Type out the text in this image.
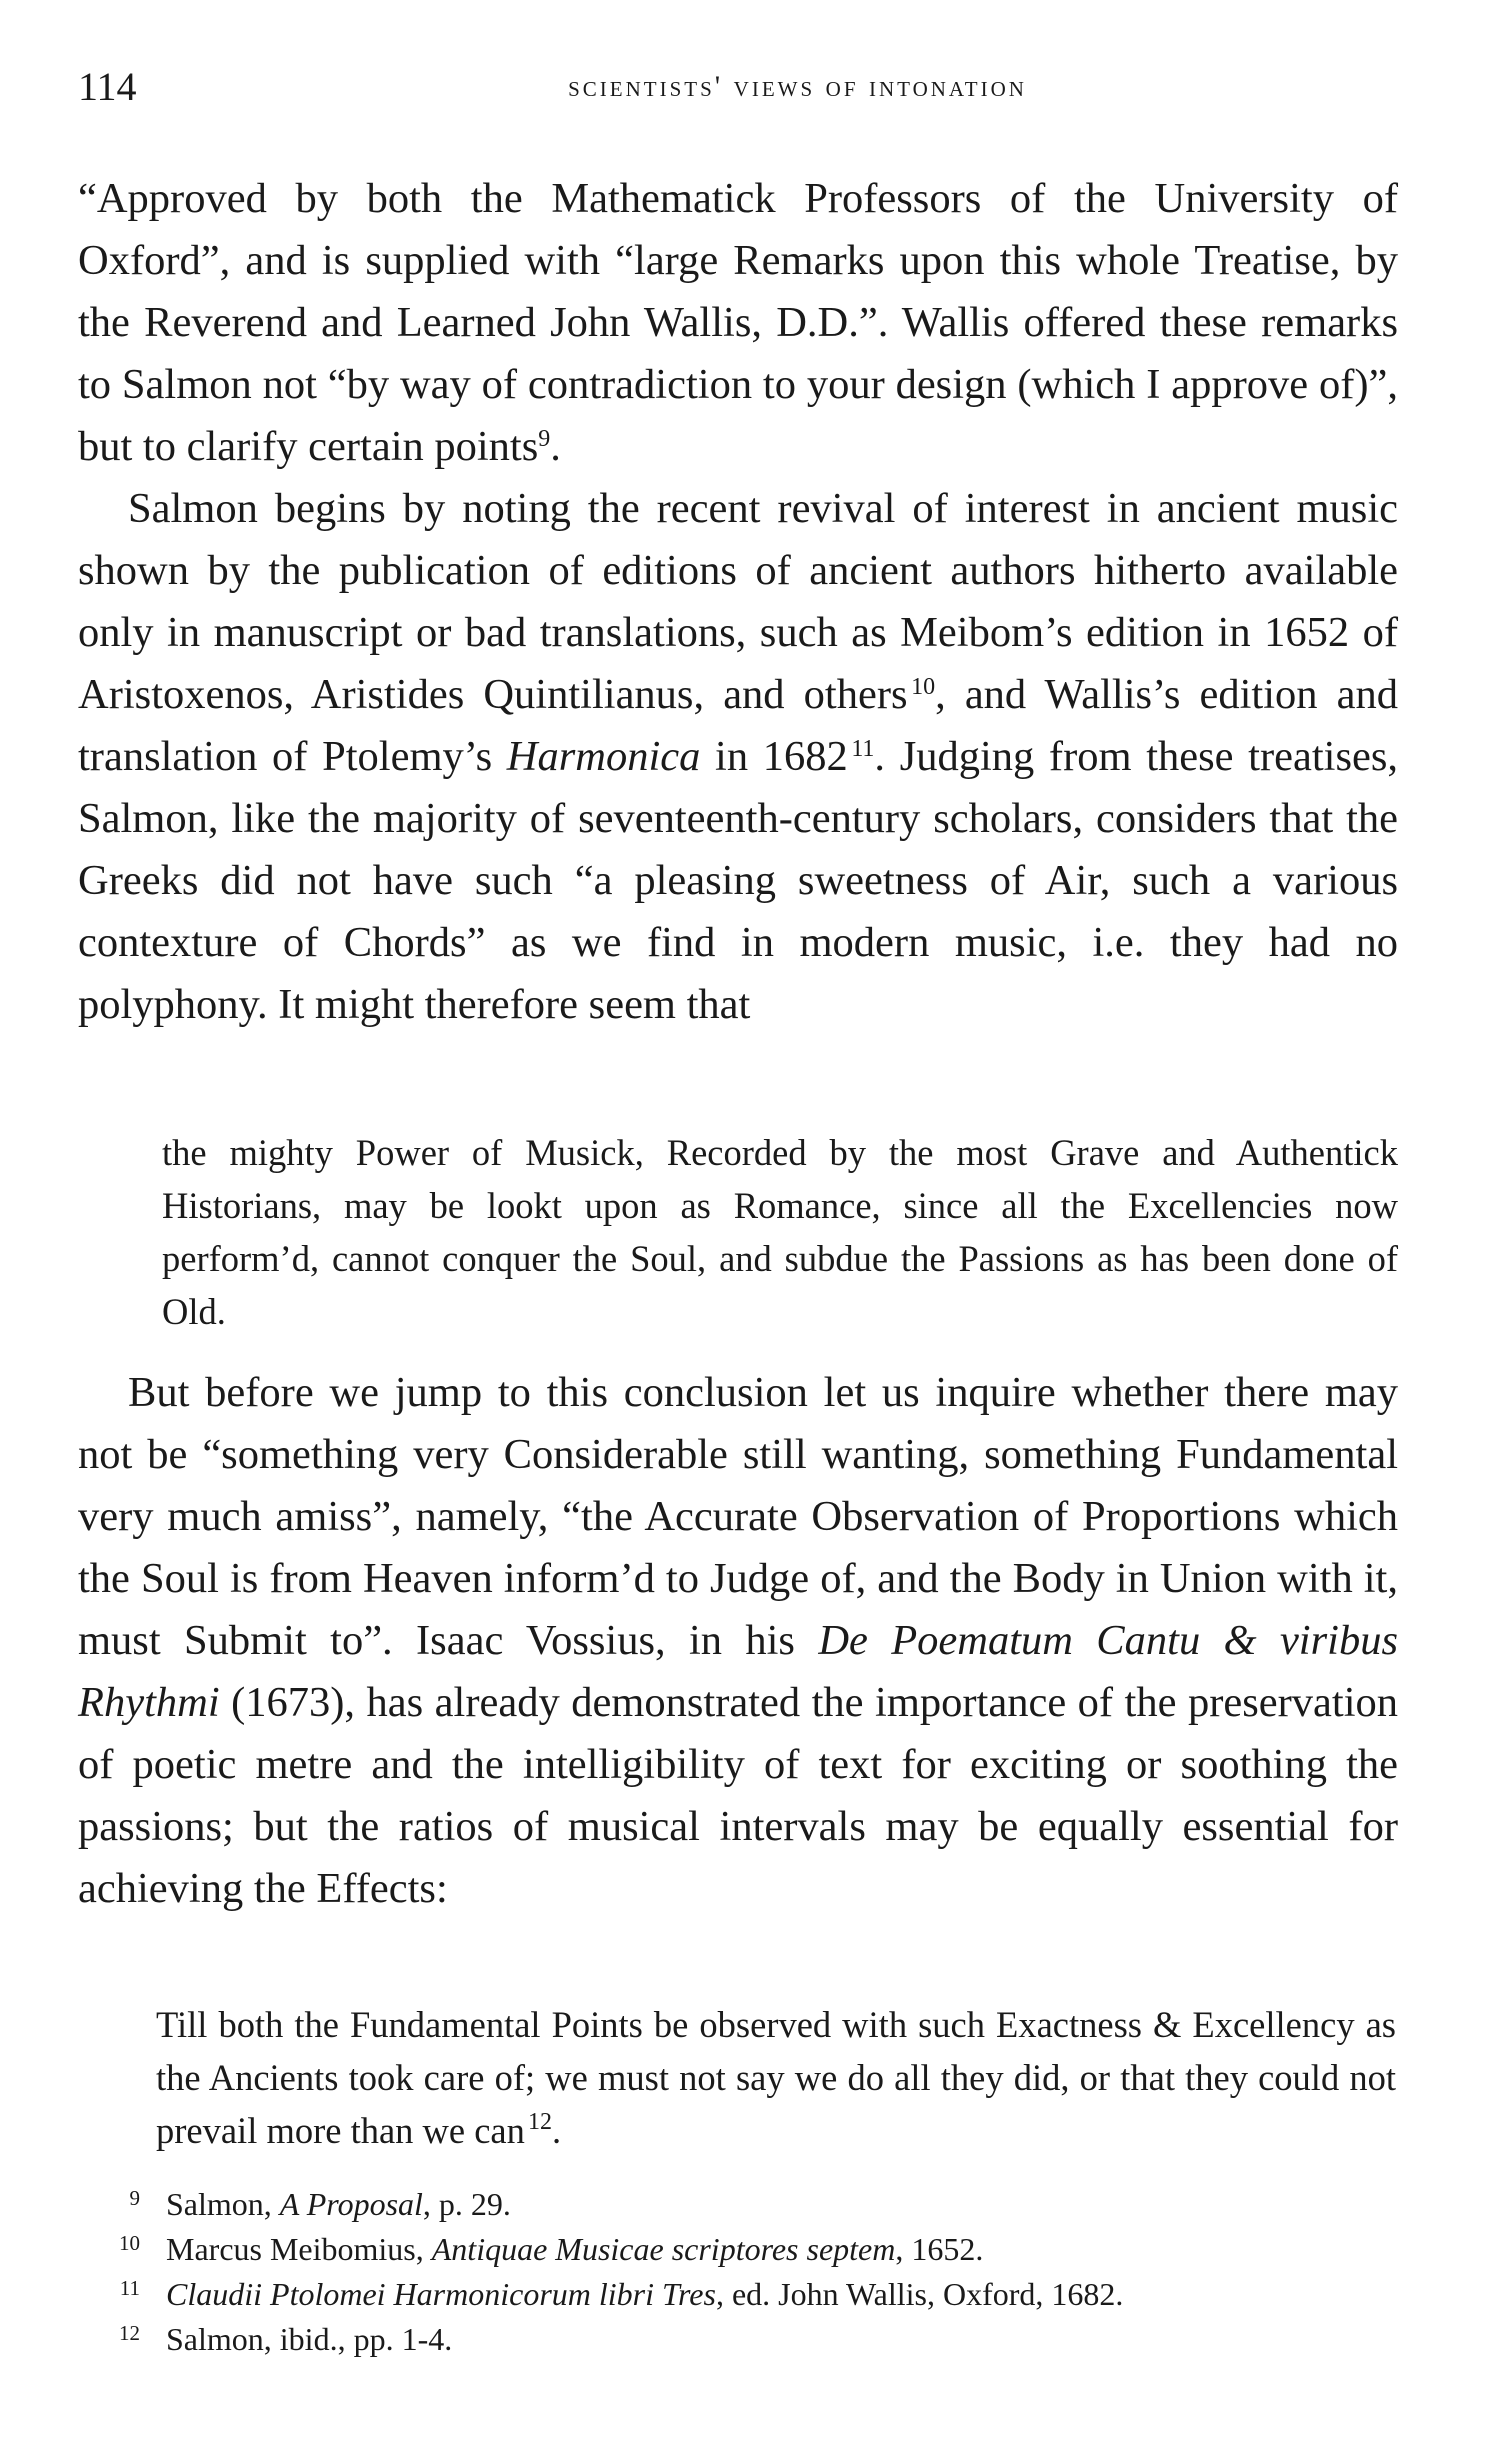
114	scientists' views of intonation

“Approved by both the Mathematick Professors of the University of Oxford”, and is supplied with “large Remarks upon this whole Treatise, by the Reverend and Learned John Wallis, D.D.”. Wallis offered these remarks to Salmon not “by way of contradiction to your design (which I approve of)”, but to clarify certain points$^9$.

Salmon begins by noting the recent revival of interest in ancient music shown by the publication of editions of ancient authors hitherto available only in manuscript or bad translations, such as Meibom’s edition in 1652 of Aristoxenos, Aristides Quintilianus, and others  $^{10}$, and Wallis’s edition and translation of Ptolemy’s Harmonica in 1682  $^{11}$. Judging from these treatises, Salmon, like the majority of seventeenth-century scholars, considers that the Greeks did not have such “a pleasing sweetness of Air, such a various contexture of Chords” as we find in modern music, i.e. they had no polyphony. It might therefore seem that

the mighty Power of Musick, Recorded by the most Grave and Authentick Historians, may be lookt upon as Romance, since all the Excellencies now perform’d, cannot conquer the Soul, and subdue the Passions as has been done of Old.

But before we jump to this conclusion let us inquire whether there may not be “something very Considerable still wanting, something Fundamental very much amiss”, namely, “the Accurate Observation of Proportions which the Soul is from Heaven inform’d to Judge of, and the Body in Union with it, must Submit to”. Isaac Vossius, in his De Poematum Cantu & viribus Rhythmi (1673), has already demonstrated the importance of the preservation of poetic metre and the intelligibility of text for exciting or soothing the passions; but the ratios of musical intervals may be equally essential for achieving the Effects:

Till both the Fundamental Points be observed with such Exactness & Excellency as the Ancients took care of; we must not say we do all they did, or that they could not prevail more than we can  $^{12}$.

9 Salmon, A Proposal, p. 29.
10 Marcus Meibomius, Antiquae Musicae scriptores septem, 1652.
11 Claudii Ptolomei Harmonicorum libri Tres, ed. John Wallis, Oxford, 1682.
12 Salmon, ibid., pp. 1-4.
